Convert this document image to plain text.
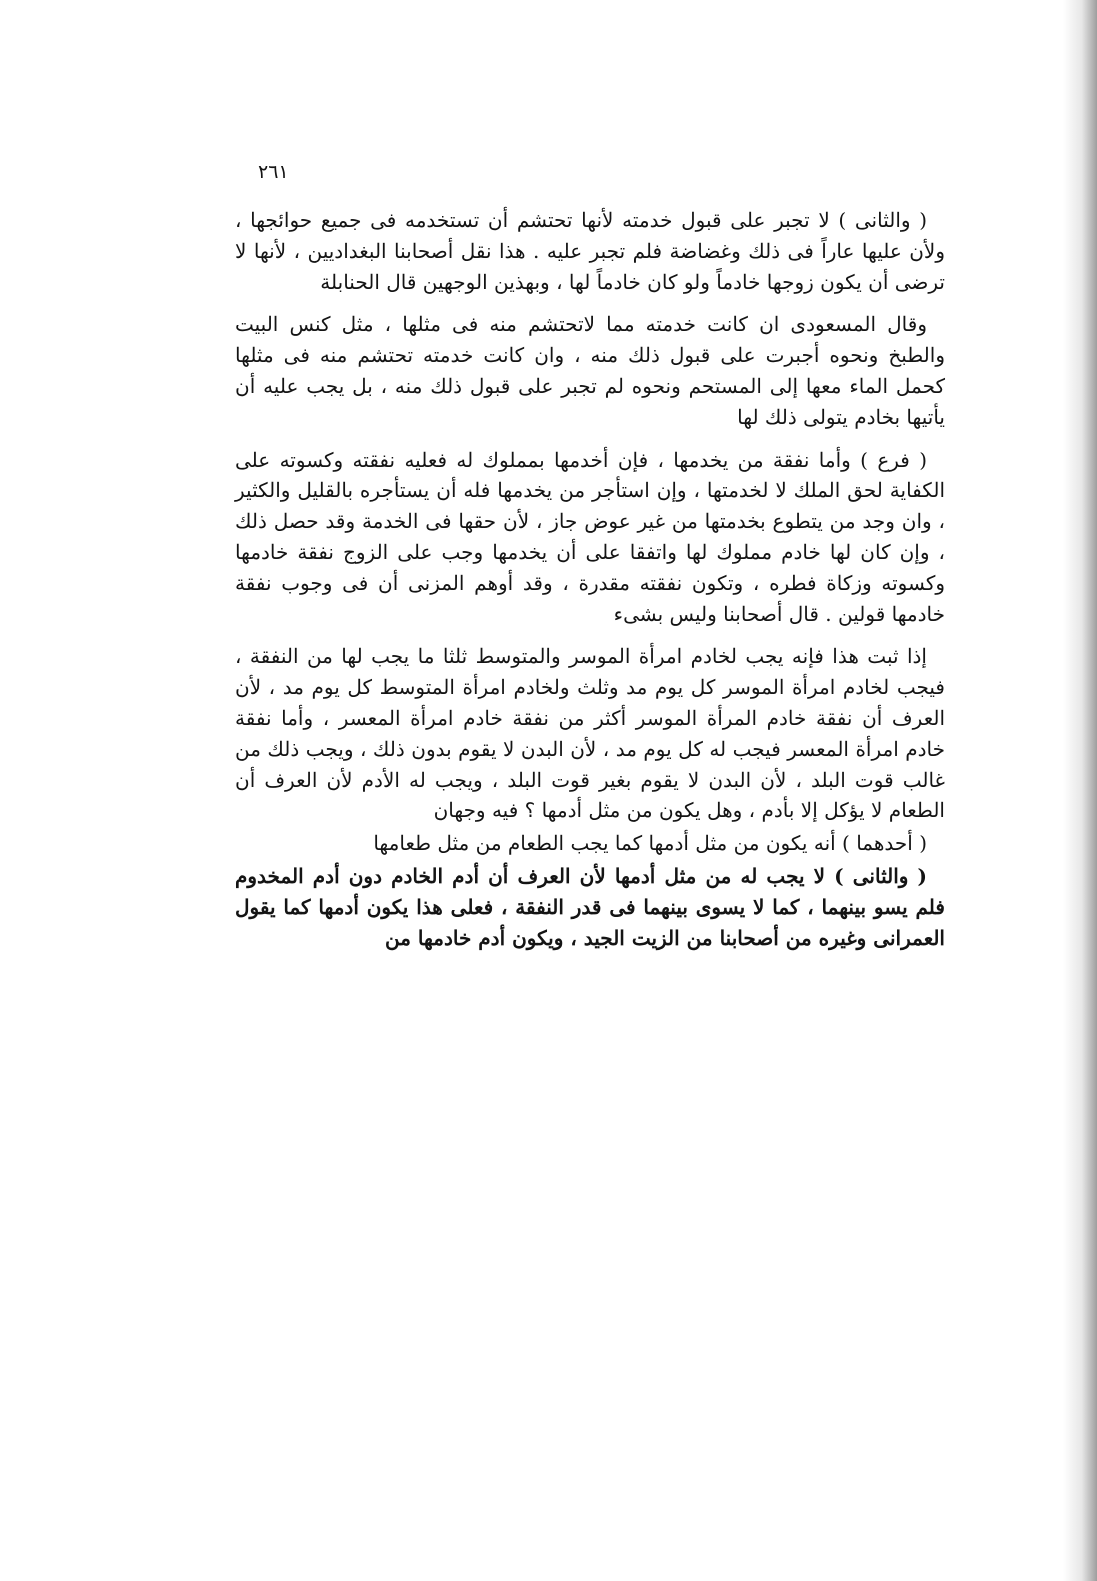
٢٦١

( والثانى ) لا تجبر على قبول خدمته لأنها تحتشم أن تستخدمه فى جميع حوائجها ، ولأن عليها عاراً فى ذلك وغضاضة فلم تجبر عليه . هذا نقل أصحابنا البغداديين ، لأنها لا ترضى أن يكون زوجها خادماً ولو كان خادماً لها ، وبهذين الوجهين قال الحنابلة

وقال المسعودى ان كانت خدمته مما لاتحتشم منه فى مثلها ، مثل كنس البيت والطبخ ونحوه أجبرت على قبول ذلك منه ، وان كانت خدمته تحتشم منه فى مثلها كحمل الماء معها إلى المستحم ونحوه لم تجبر على قبول ذلك منه ، بل يجب عليه أن يأتيها بخادم يتولى ذلك لها

( فرع ) وأما نفقة من يخدمها ، فإن أخدمها بمملوك له فعليه نفقته وكسوته على الكفاية لحق الملك لا لخدمتها ، وإن استأجر من يخدمها فله أن يستأجره بالقليل والكثير ، وان وجد من يتطوع بخدمتها من غير عوض جاز ، لأن حقها فى الخدمة وقد حصل ذلك ، وإن كان لها خادم مملوك لها واتفقا على أن يخدمها وجب على الزوج نفقة خادمها وكسوته وزكاة فطره ، وتكون نفقته مقدرة ، وقد أوهم المزنى أن فى وجوب نفقة خادمها قولين . قال أصحابنا وليس بشىء

إذا ثبت هذا فإنه يجب لخادم امرأة الموسر والمتوسط ثلثا ما يجب لها من النفقة ، فيجب لخادم امرأة الموسر كل يوم مد وثلث ولخادم امرأة المتوسط كل يوم مد ، لأن العرف أن نفقة خادم المرأة الموسر أكثر من نفقة خادم امرأة المعسر ، وأما نفقة خادم امرأة المعسر فيجب له كل يوم مد ، لأن البدن لا يقوم بدون ذلك ، ويجب ذلك من غالب قوت البلد ، لأن البدن لا يقوم بغير قوت البلد ، ويجب له الأدم لأن العرف أن الطعام لا يؤكل إلا بأدم ، وهل يكون من مثل أدمها ؟ فيه وجهان

( أحدهما ) أنه يكون من مثل أدمها كما يجب الطعام من مثل طعامها

( والثانى ) لا يجب له من مثل أدمها لأن العرف أن أدم الخادم دون أدم المخدوم فلم يسو بينهما ، كما لا يسوى بينهما فى قدر النفقة ، فعلى هذا يكون أدمها كما يقول العمرانى وغيره من أصحابنا من الزيت الجيد ، ويكون أدم خادمها من
